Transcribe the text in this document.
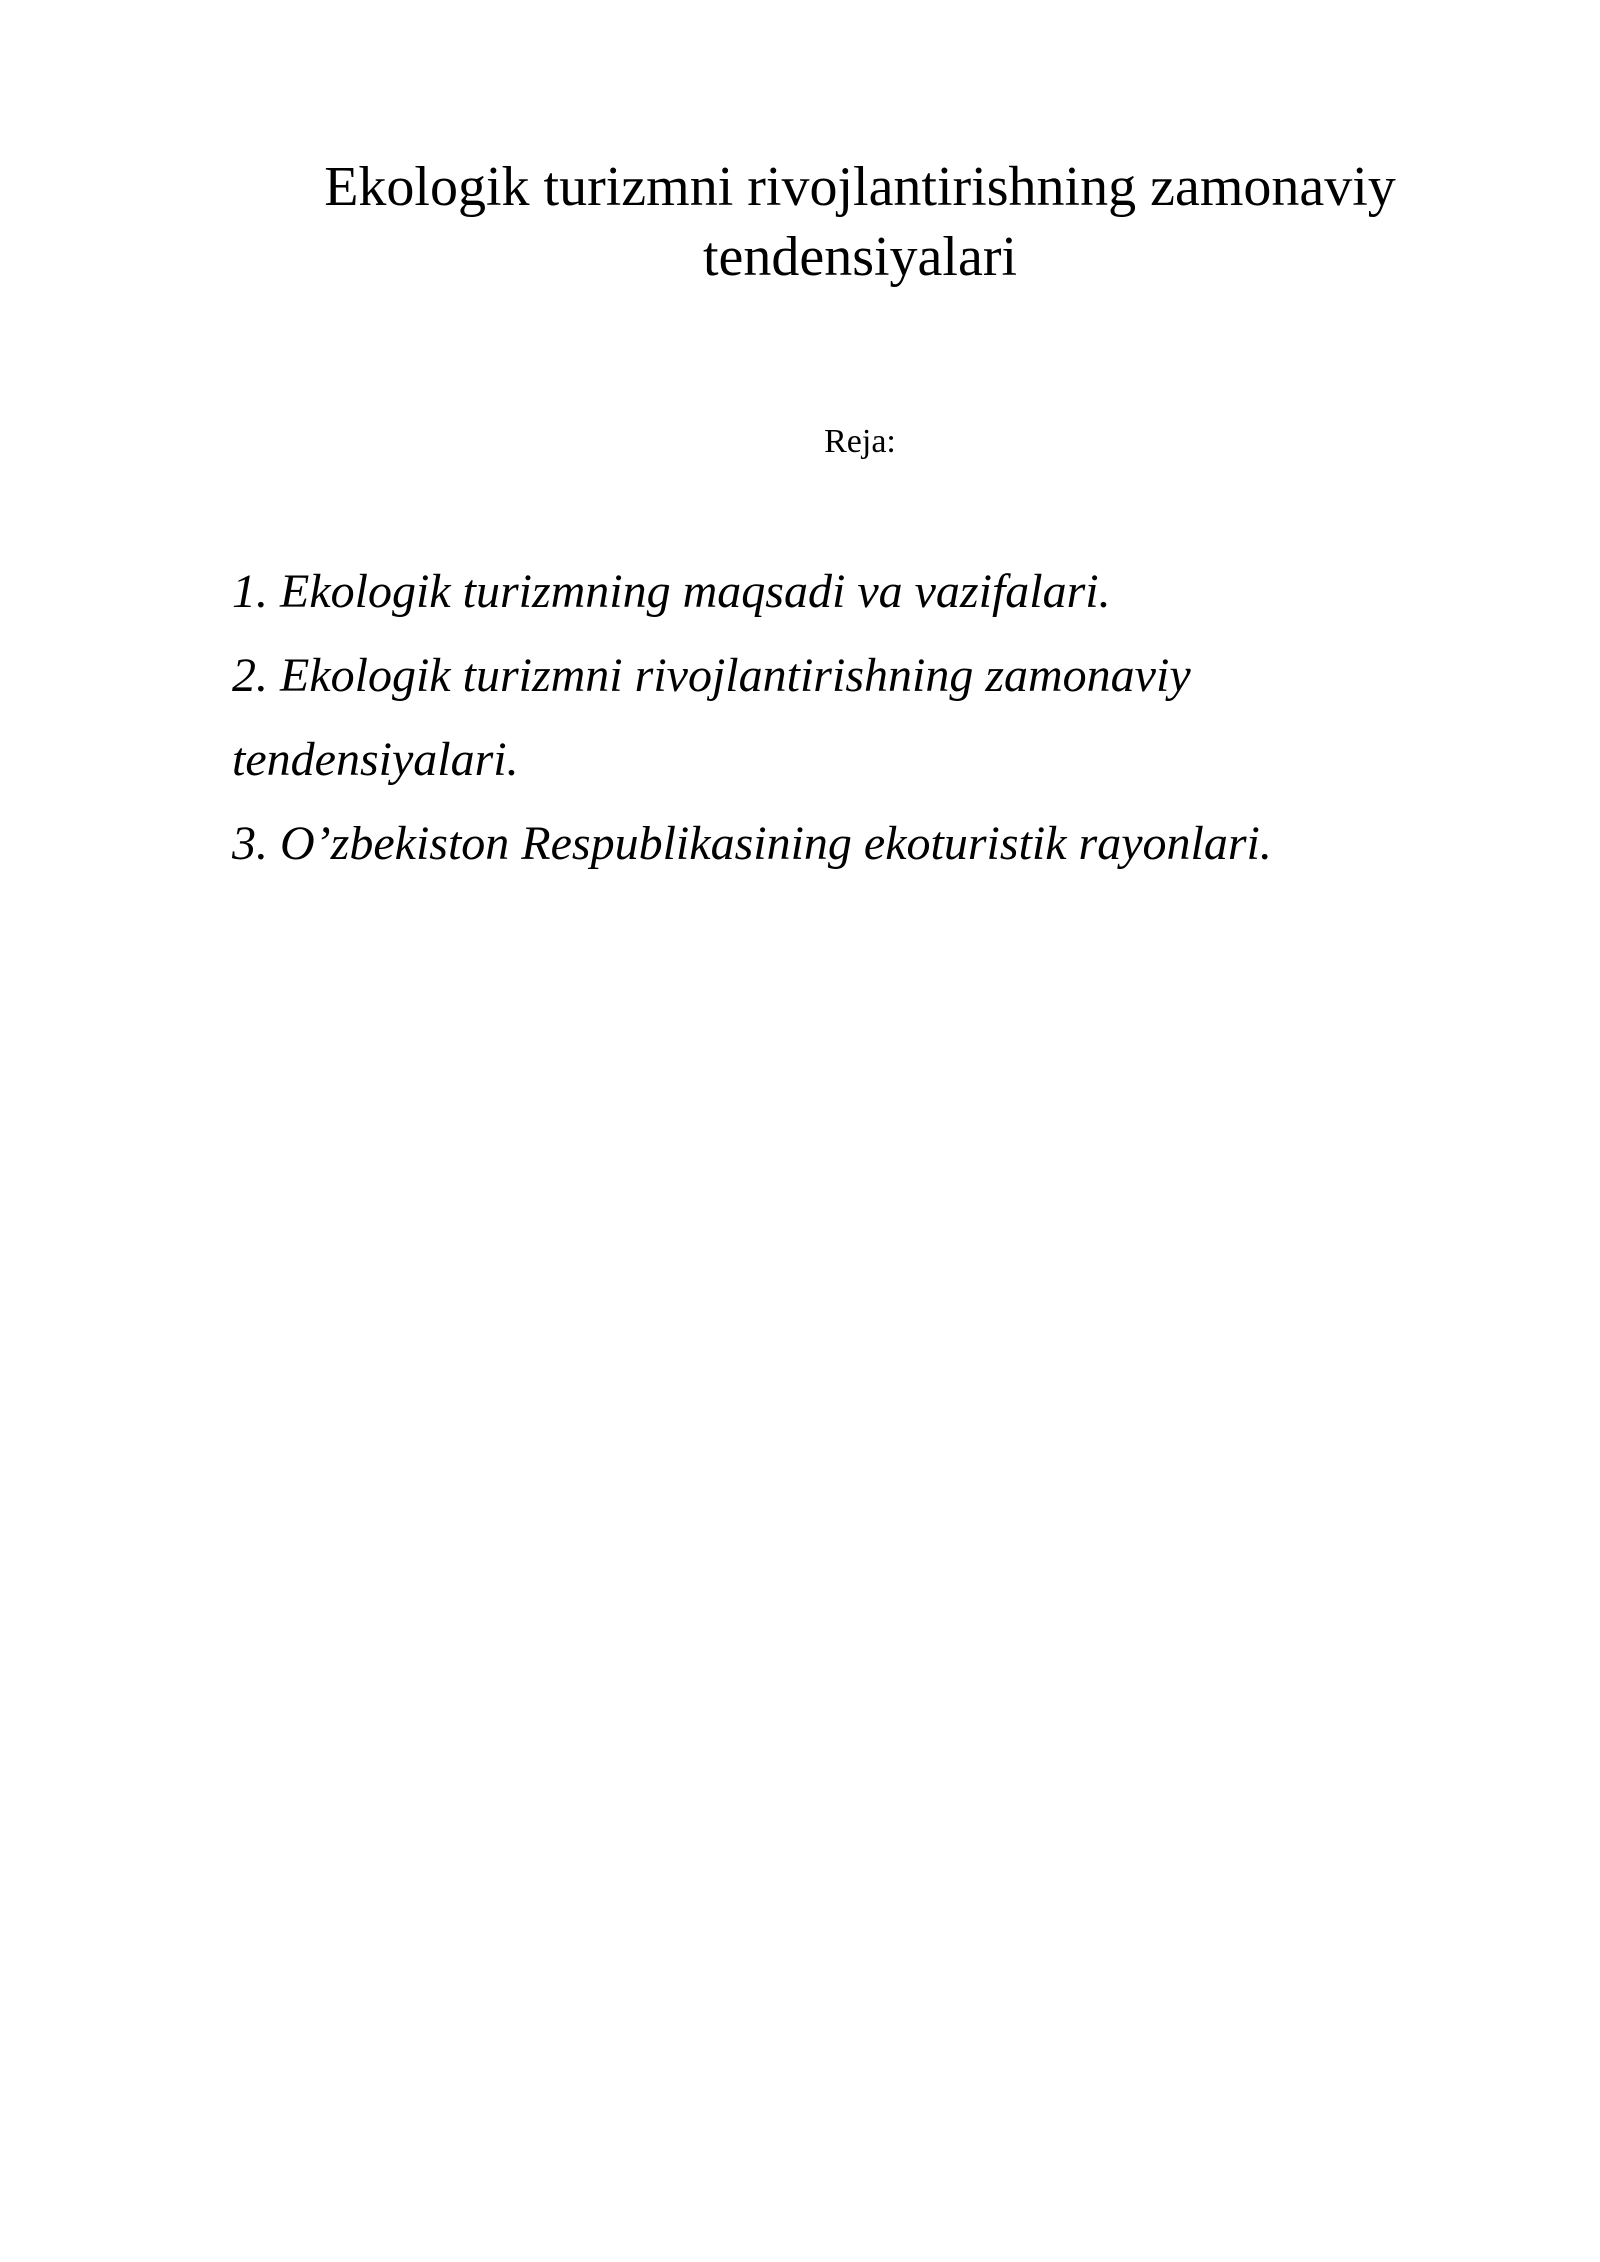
Ekologik turizmni rivojlantirishning zamonaviy
tendensiyalari

Reja:

1. Ekologik turizmning maqsadi va vazifalari.
2. Ekologik turizmni rivojlantirishning zamonaviy
tendensiyalari.
3. O’zbekiston Respublikasining ekoturistik rayonlari.
